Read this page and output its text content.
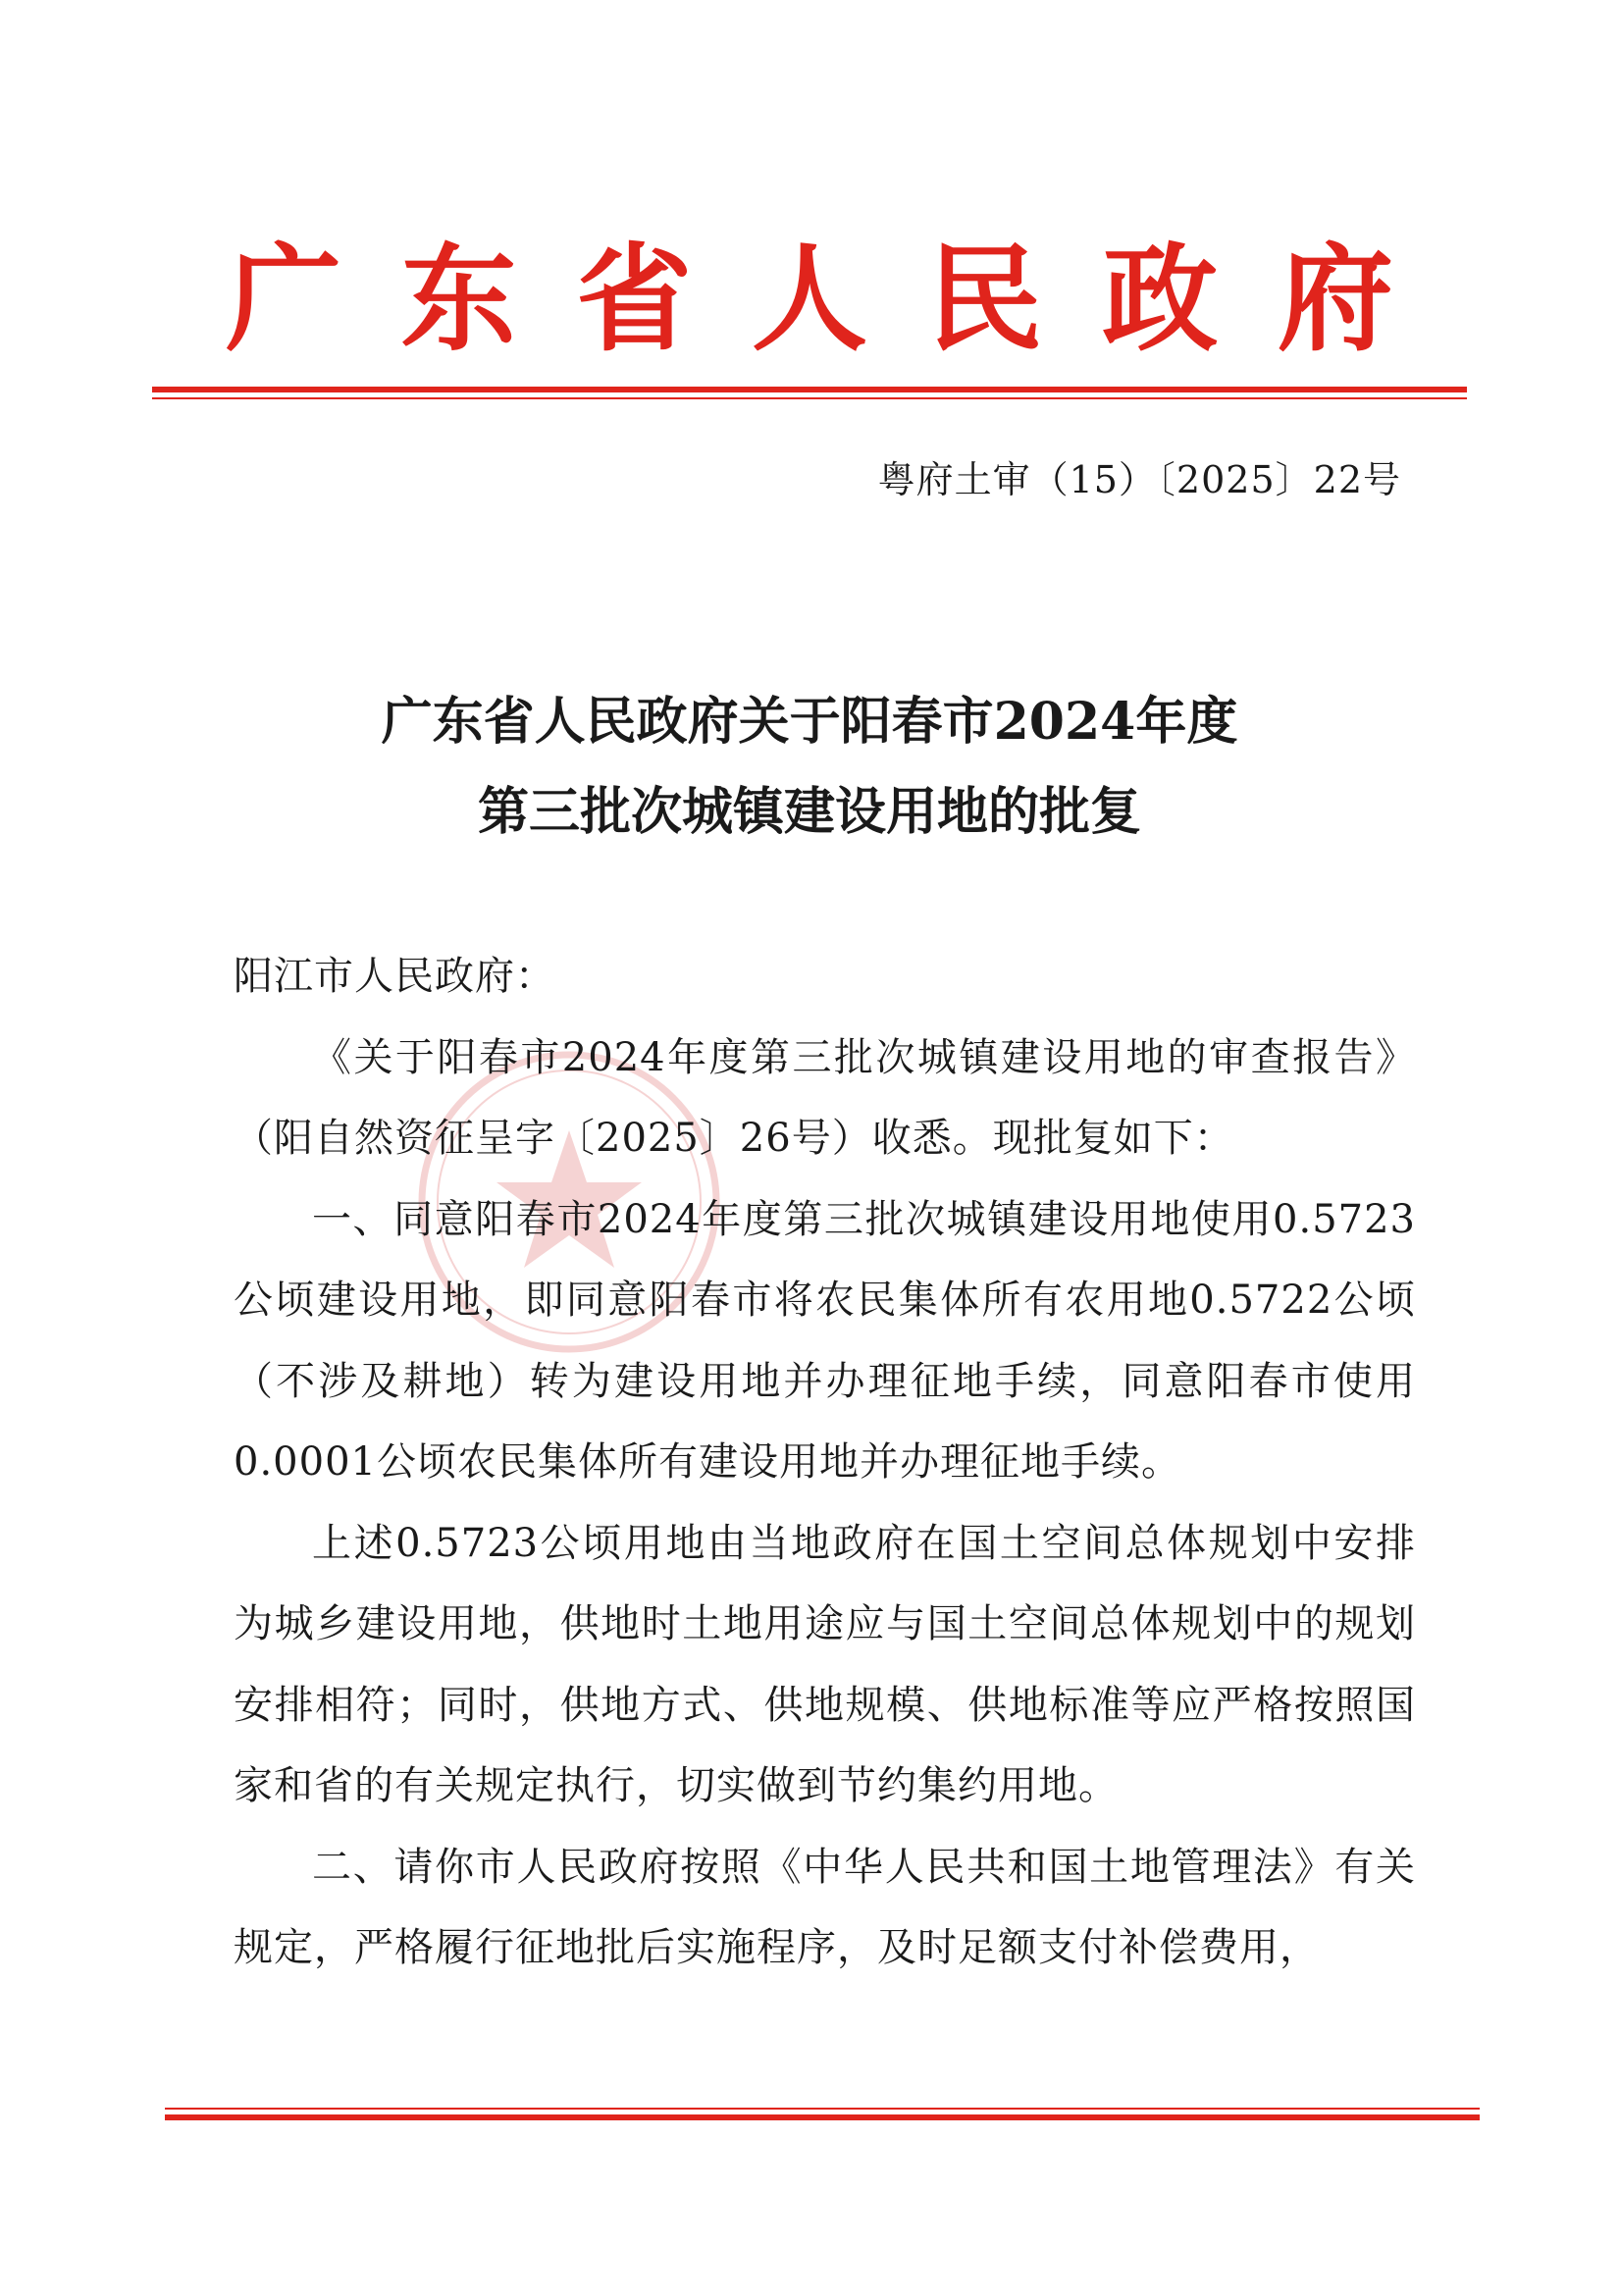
广 东 省 人 民 政 府
粤府土审（15）〔2025〕22号
广东省人民政府关于阳春市2024年度
第三批次城镇建设用地的批复

阳江市人民政府：

《关于阳春市2024年度第三批次城镇建设用地的审查报告》（阳自然资征呈字〔2025〕26号）收悉。现批复如下：

一、同意阳春市2024年度第三批次城镇建设用地使用0.5723公顷建设用地，即同意阳春市将农民集体所有农用地0.5722公顷（不涉及耕地）转为建设用地并办理征地手续，同意阳春市使用0.0001公顷农民集体所有建设用地并办理征地手续。

上述0.5723公顷用地由当地政府在国土空间总体规划中安排为城乡建设用地，供地时土地用途应与国土空间总体规划中的规划安排相符；同时，供地方式、供地规模、供地标准等应严格按照国家和省的有关规定执行，切实做到节约集约用地。

二、请你市人民政府按照《中华人民共和国土地管理法》有关规定，严格履行征地批后实施程序，及时足额支付补偿费用，
